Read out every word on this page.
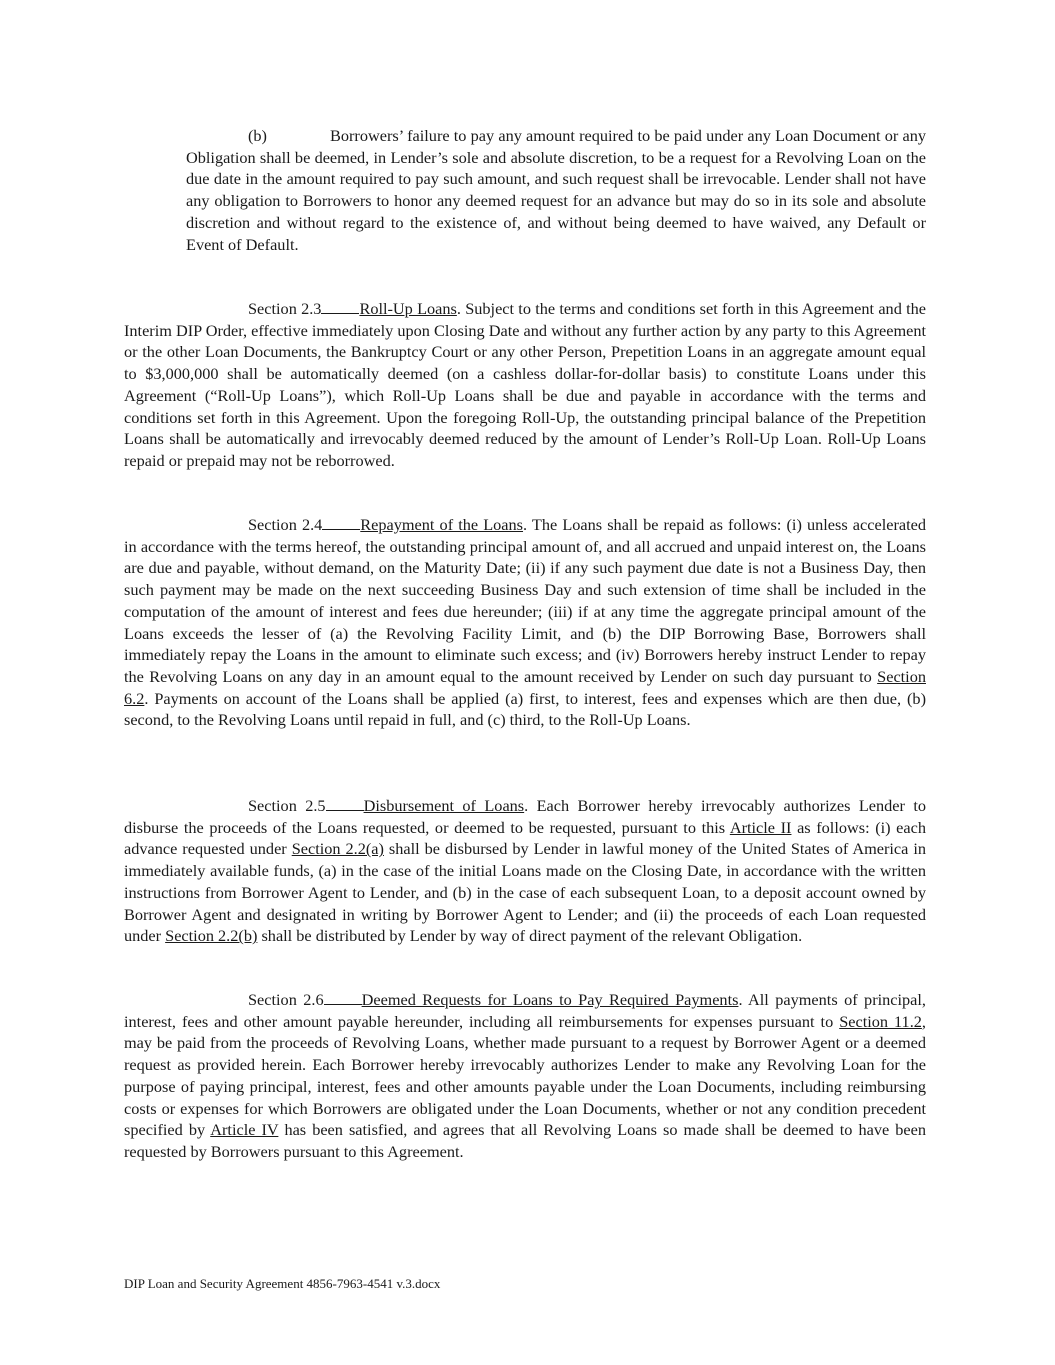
(b)	Borrowers’ failure to pay any amount required to be paid under any Loan Document or any Obligation shall be deemed, in Lender’s sole and absolute discretion, to be a request for a Revolving Loan on the due date in the amount required to pay such amount, and such request shall be irrevocable. Lender shall not have any obligation to Borrowers to honor any deemed request for an advance but may do so in its sole and absolute discretion and without regard to the existence of, and without being deemed to have waived, any Default or Event of Default.

Section 2.3 Roll-Up Loans. Subject to the terms and conditions set forth in this Agreement and the Interim DIP Order, effective immediately upon Closing Date and without any further action by any party to this Agreement or the other Loan Documents, the Bankruptcy Court or any other Person, Prepetition Loans in an aggregate amount equal to $3,000,000 shall be automatically deemed (on a cashless dollar-for-dollar basis) to constitute Loans under this Agreement (“Roll-Up Loans”), which Roll-Up Loans shall be due and payable in accordance with the terms and conditions set forth in this Agreement. Upon the foregoing Roll-Up, the outstanding principal balance of the Prepetition Loans shall be automatically and irrevocably deemed reduced by the amount of Lender’s Roll-Up Loan. Roll-Up Loans repaid or prepaid may not be reborrowed.

Section 2.4 Repayment of the Loans. The Loans shall be repaid as follows: (i) unless accelerated in accordance with the terms hereof, the outstanding principal amount of, and all accrued and unpaid interest on, the Loans are due and payable, without demand, on the Maturity Date; (ii) if any such payment due date is not a Business Day, then such payment may be made on the next succeeding Business Day and such extension of time shall be included in the computation of the amount of interest and fees due hereunder; (iii) if at any time the aggregate principal amount of the Loans exceeds the lesser of (a) the Revolving Facility Limit, and (b) the DIP Borrowing Base, Borrowers shall immediately repay the Loans in the amount to eliminate such excess; and (iv) Borrowers hereby instruct Lender to repay the Revolving Loans on any day in an amount equal to the amount received by Lender on such day pursuant to Section 6.2. Payments on account of the Loans shall be applied (a) first, to interest, fees and expenses which are then due, (b) second, to the Revolving Loans until repaid in full, and (c) third, to the Roll-Up Loans.

Section 2.5 Disbursement of Loans. Each Borrower hereby irrevocably authorizes Lender to disburse the proceeds of the Loans requested, or deemed to be requested, pursuant to this Article II as follows: (i) each advance requested under Section 2.2(a) shall be disbursed by Lender in lawful money of the United States of America in immediately available funds, (a) in the case of the initial Loans made on the Closing Date, in accordance with the written instructions from Borrower Agent to Lender, and (b) in the case of each subsequent Loan, to a deposit account owned by Borrower Agent and designated in writing by Borrower Agent to Lender; and (ii) the proceeds of each Loan requested under Section 2.2(b) shall be distributed by Lender by way of direct payment of the relevant Obligation.

Section 2.6 Deemed Requests for Loans to Pay Required Payments. All payments of principal, interest, fees and other amount payable hereunder, including all reimbursements for expenses pursuant to Section 11.2, may be paid from the proceeds of Revolving Loans, whether made pursuant to a request by Borrower Agent or a deemed request as provided herein. Each Borrower hereby irrevocably authorizes Lender to make any Revolving Loan for the purpose of paying principal, interest, fees and other amounts payable under the Loan Documents, including reimbursing costs or expenses for which Borrowers are obligated under the Loan Documents, whether or not any condition precedent specified by Article IV has been satisfied, and agrees that all Revolving Loans so made shall be deemed to have been requested by Borrowers pursuant to this Agreement.

DIP Loan and Security Agreement 4856-7963-4541 v.3.docx
